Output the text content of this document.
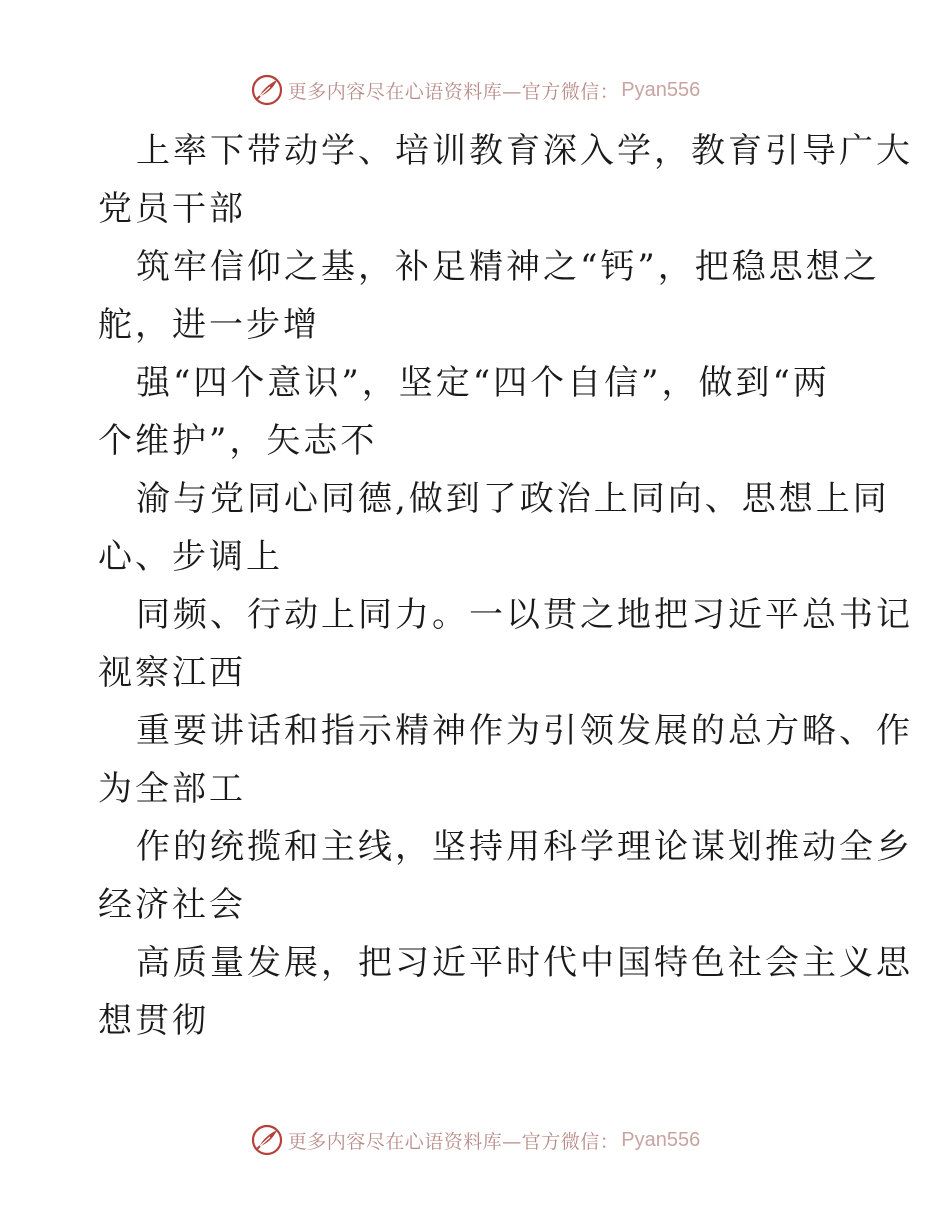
更多内容尽在心语资料库—官方微信： Pyan556
上率下带动学、培训教育深入学，教育引导广大
党员干部
筑牢信仰之基，补足精神之“钙”，把稳思想之
舵，进一步增
强“四个意识”，坚定“四个自信”，做到“两
个维护”，矢志不
渝与党同心同德,做到了政治上同向、思想上同
心、步调上
同频、行动上同力。一以贯之地把习近平总书记
视察江西
重要讲话和指示精神作为引领发展的总方略、作
为全部工
作的统揽和主线，坚持用科学理论谋划推动全乡
经济社会
高质量发展，把习近平时代中国特色社会主义思
想贯彻
更多内容尽在心语资料库—官方微信： Pyan556
